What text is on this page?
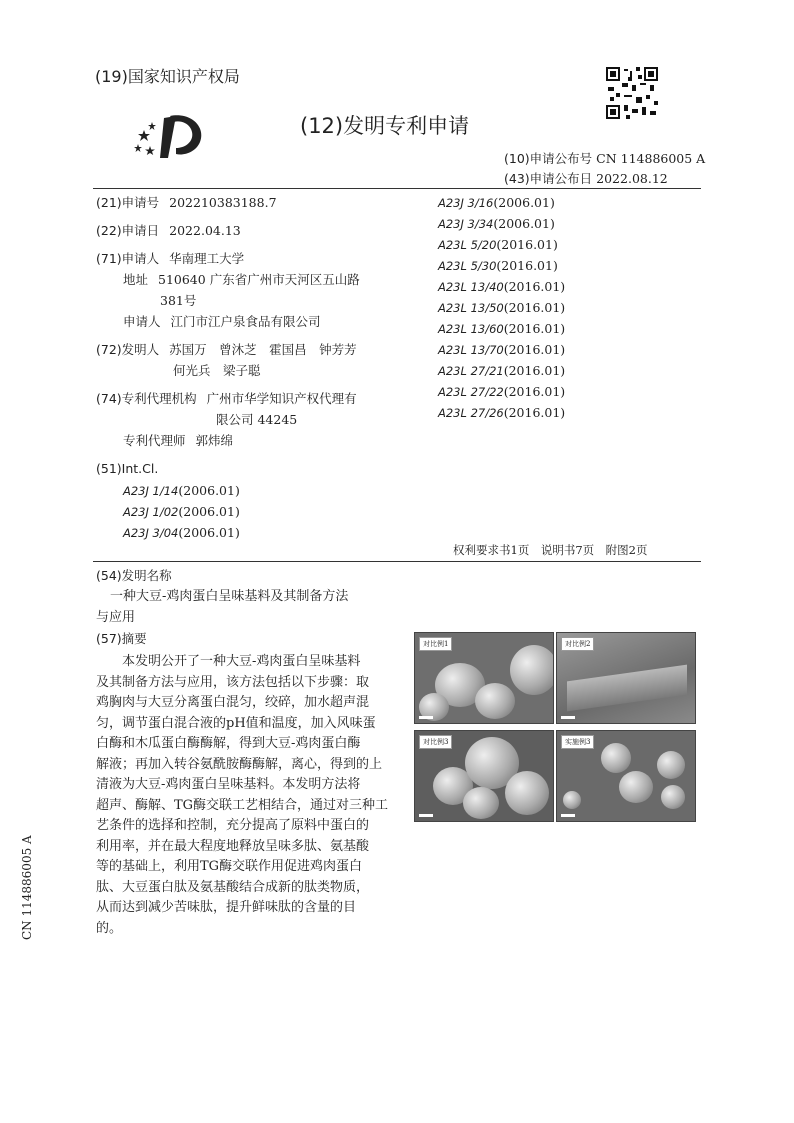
(19)国家知识产权局
(12)发明专利申请
(10)申请公布号 CN 114886005 A
(43)申请公布日 2022.08.12
(21)申请号 202210383188.7
(22)申请日 2022.04.13
(71)申请人 华南理工大学
地址 510640 广东省广州市天河区五山路
381号
申请人 江门市江户泉食品有限公司
(72)发明人 苏国万　曾沐芝　霍国昌　钟芳芳
何光兵　梁子聪
(74)专利代理机构 广州市华学知识产权代理有
限公司 44245
专利代理师 郭炜绵
(51)Int.Cl.
A23J 1/14(2006.01)
A23J 1/02(2006.01)
A23J 3/04(2006.01)
A23J 3/16(2006.01)
A23J 3/34(2006.01)
A23L 5/20(2016.01)
A23L 5/30(2016.01)
A23L 13/40(2016.01)
A23L 13/50(2016.01)
A23L 13/60(2016.01)
A23L 13/70(2016.01)
A23L 27/21(2016.01)
A23L 27/22(2016.01)
A23L 27/26(2016.01)
权利要求书1页　说明书7页　附图2页
(54)发明名称
一种大豆-鸡肉蛋白呈味基料及其制备方法
与应用
(57)摘要

　　本发明公开了一种大豆-鸡肉蛋白呈味基料

及其制备方法与应用，该方法包括以下步骤：取

鸡胸肉与大豆分离蛋白混匀，绞碎，加水超声混

匀，调节蛋白混合液的pH值和温度，加入风味蛋

白酶和木瓜蛋白酶酶解，得到大豆-鸡肉蛋白酶

解液；再加入转谷氨酰胺酶酶解，离心，得到的上

清液为大豆-鸡肉蛋白呈味基料。本发明方法将

超声、酶解、TG酶交联工艺相结合，通过对三种工

艺条件的选择和控制，充分提高了原料中蛋白的

利用率，并在最大程度地释放呈味多肽、氨基酸

等的基础上，利用TG酶交联作用促进鸡肉蛋白

肽、大豆蛋白肽及氨基酸结合成新的肽类物质，

从而达到减少苦味肽，提升鲜味肽的含量的目

的。

对比例1	对比例2
对比例3	实施例3
CN 114886005 A
